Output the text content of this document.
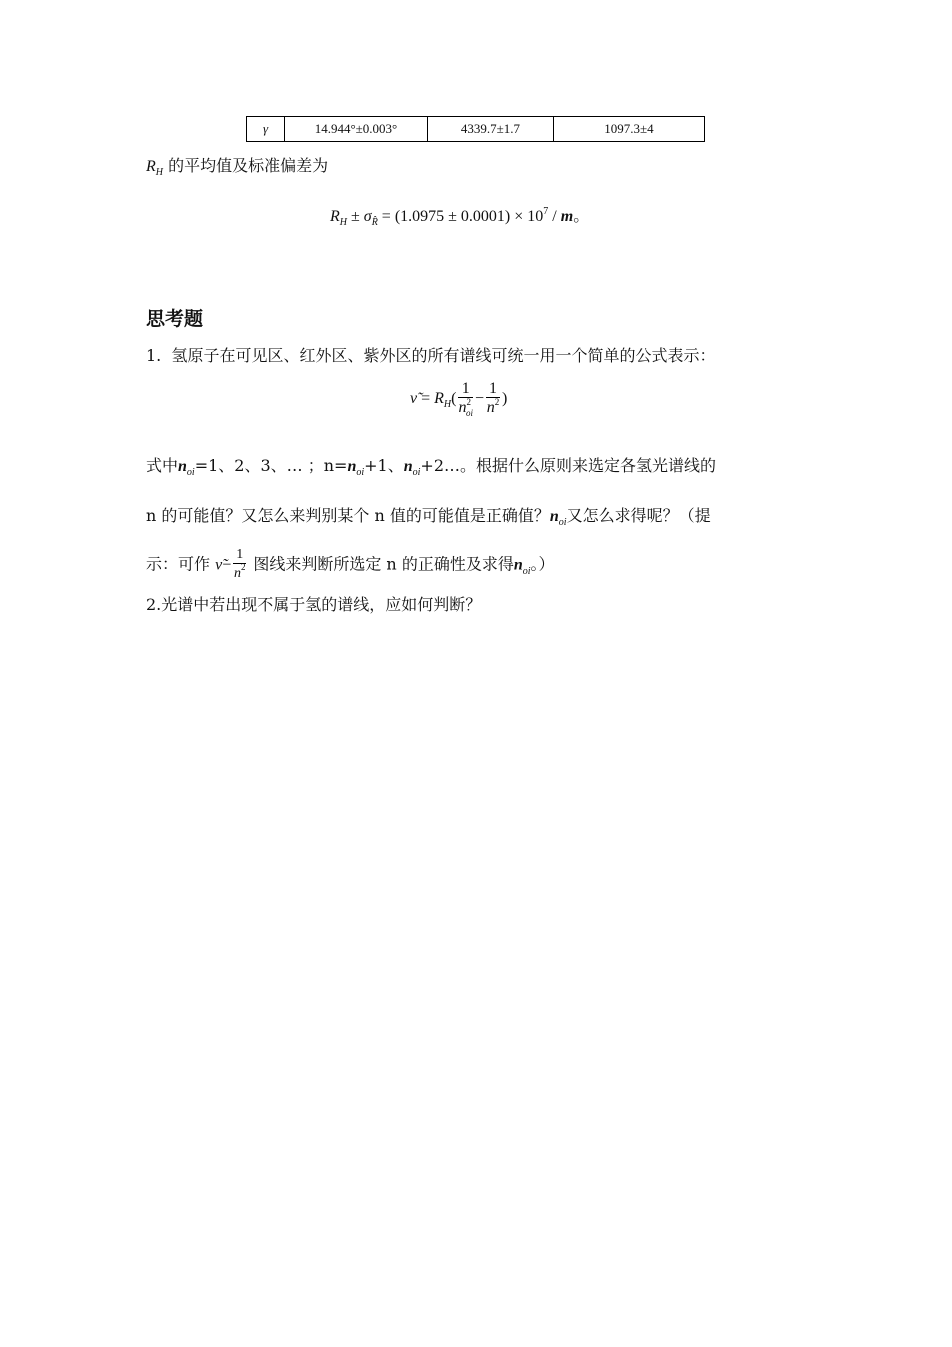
γ	14.944°±0.003°	4339.7±1.7	1097.3±4
$R_H$ 的平均值及标准偏差为
$R_H \pm \sigma_{R̂} = (1.0975 \pm 0.0001) \times 10^7 / m$。
思考题
1. 氢原子在可见区、红外区、紫外区的所有谱线可统一用一个简单的公式表示：
ν̃ = $R_H( \frac{1}{n^2_{oi}} - \frac{1}{n^2}$ )
式中$n_{oi}=1$、2、3、… ；$n=n_{oi}+1$、$n_{oi}+2\dots$。根据什么原则来选定各氢光谱线的
n 的可能值？又怎么来判别某个 n 值的可能值是正确值？$n_{oi}$又怎么求得呢？（提
示：可作 ν̃− $\frac{1}{n^2}$ 图线来判断所选定 n 的正确性及求得$n_{oi}$。）
2.光谱中若出现不属于氢的谱线，应如何判断？
